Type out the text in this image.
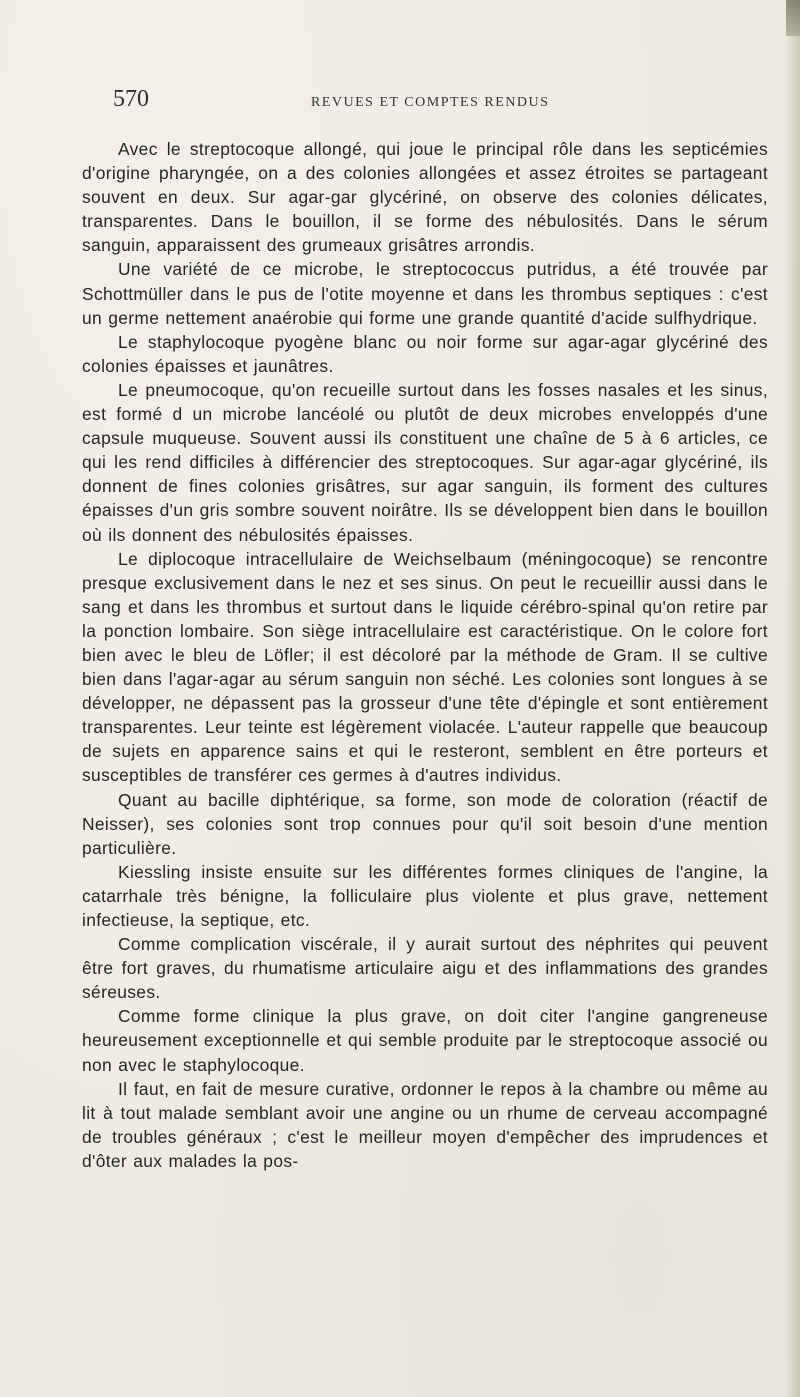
570	REVUES ET COMPTES RENDUS

Avec le streptocoque allongé, qui joue le principal rôle dans les septicémies d'origine pharyngée, on a des colonies allongées et assez étroites se partageant souvent en deux. Sur agar-gar glycériné, on observe des colonies délicates, transparentes. Dans le bouillon, il se forme des nébulosités. Dans le sérum sanguin, apparaissent des grumeaux grisâtres arrondis.

Une variété de ce microbe, le streptococcus putridus, a été trouvée par Schottmüller dans le pus de l'otite moyenne et dans les thrombus septiques : c'est un germe nettement anaérobie qui forme une grande quantité d'acide sulfhydrique.

Le staphylocoque pyogène blanc ou noir forme sur agar-agar glycériné des colonies épaisses et jaunâtres.

Le pneumocoque, qu'on recueille surtout dans les fosses nasales et les sinus, est formé d un microbe lancéolé ou plutôt de deux microbes enveloppés d'une capsule muqueuse. Souvent aussi ils constituent une chaîne de 5 à 6 articles, ce qui les rend difficiles à différencier des streptocoques. Sur agar-agar glycériné, ils donnent de fines colonies grisâtres, sur agar sanguin, ils forment des cultures épaisses d'un gris sombre souvent noirâtre. Ils se développent bien dans le bouillon où ils donnent des nébulosités épaisses.

Le diplocoque intracellulaire de Weichselbaum (méningocoque) se rencontre presque exclusivement dans le nez et ses sinus. On peut le recueillir aussi dans le sang et dans les thrombus et surtout dans le liquide cérébro-spinal qu'on retire par la ponction lombaire. Son siège intracellulaire est caractéristique. On le colore fort bien avec le bleu de Löfler; il est décoloré par la méthode de Gram. Il se cultive bien dans l'agar-agar au sérum sanguin non séché. Les colonies sont longues à se développer, ne dépassent pas la grosseur d'une tête d'épingle et sont entièrement transparentes. Leur teinte est légèrement violacée. L'auteur rappelle que beaucoup de sujets en apparence sains et qui le resteront, semblent en être porteurs et susceptibles de transférer ces germes à d'autres individus.

Quant au bacille diphtérique, sa forme, son mode de coloration (réactif de Neisser), ses colonies sont trop connues pour qu'il soit besoin d'une mention particulière.

Kiessling insiste ensuite sur les différentes formes cliniques de l'angine, la catarrhale très bénigne, la folliculaire plus violente et plus grave, nettement infectieuse, la septique, etc.

Comme complication viscérale, il y aurait surtout des néphrites qui peuvent être fort graves, du rhumatisme articulaire aigu et des inflammations des grandes séreuses.

Comme forme clinique la plus grave, on doit citer l'angine gangreneuse heureusement exceptionnelle et qui semble produite par le streptocoque associé ou non avec le staphylocoque.

Il faut, en fait de mesure curative, ordonner le repos à la chambre ou même au lit à tout malade semblant avoir une angine ou un rhume de cerveau accompagné de troubles généraux ; c'est le meilleur moyen d'empêcher des imprudences et d'ôter aux malades la pos-
